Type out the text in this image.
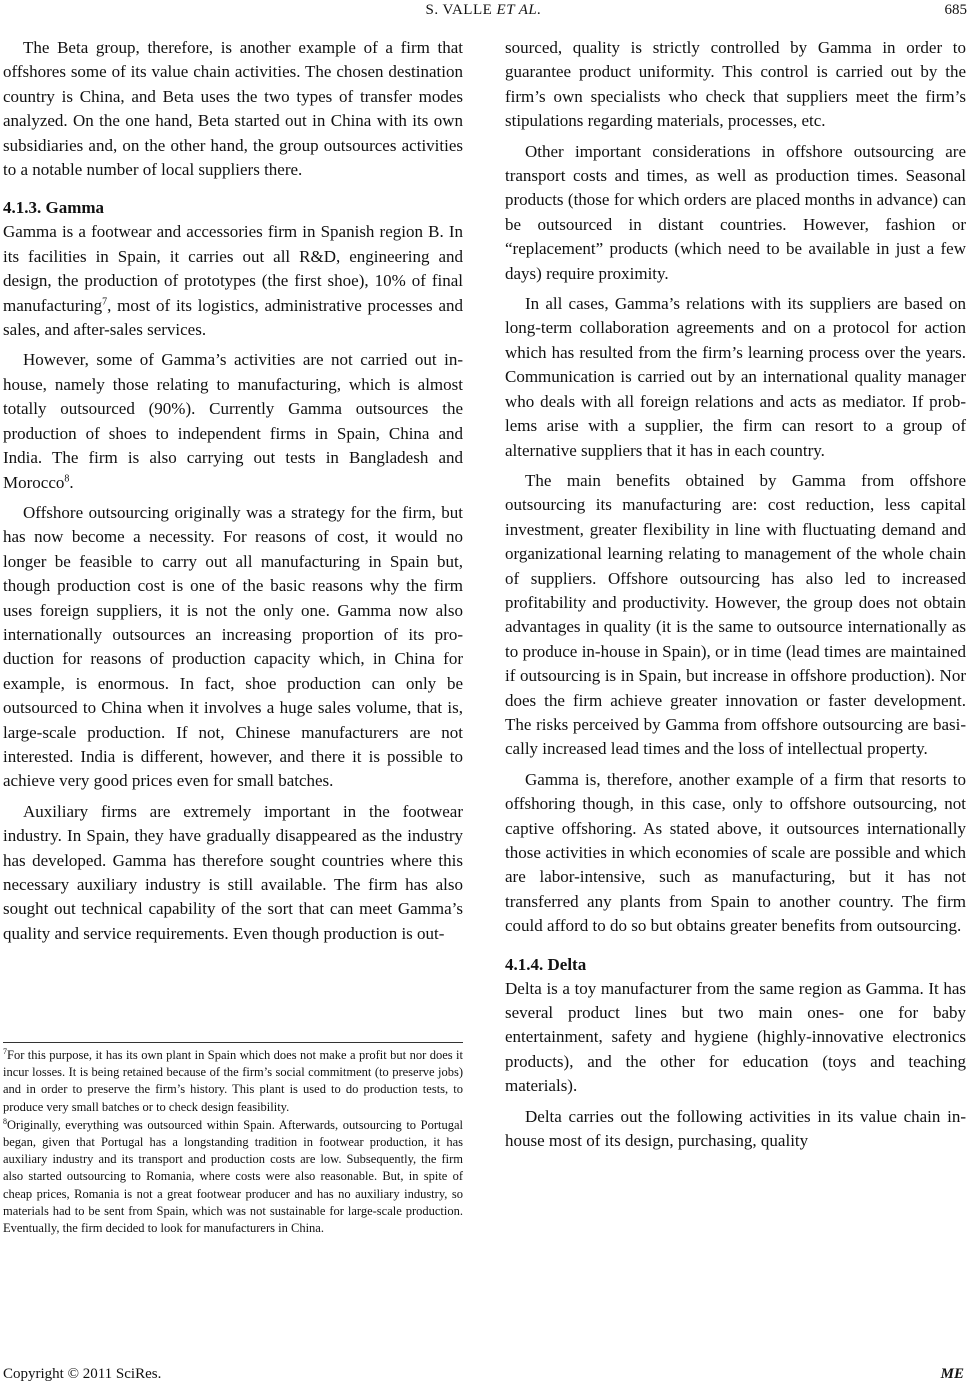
S. VALLE ET AL.	685

The Beta group, therefore, is another example of a firm that offshores some of its value chain activities. The chosen destination country is China, and Beta uses the two types of transfer modes analyzed. On the one hand, Beta started out in China with its own subsidiaries and, on the other hand, the group outsources activities to a notable number of local suppliers there.

4.1.3. Gamma

Gamma is a footwear and accessories firm in Spanish region B. In its facilities in Spain, it carries out all R&D, engineering and design, the production of prototypes (the first shoe), 10% of final manufacturing$^7$, most of its logistics, administrative processes and sales, and after-sales services.

However, some of Gamma’s activities are not carried out in-house, namely those relating to manufacturing, which is almost totally outsourced (90%). Currently Gamma outsources the production of shoes to independent firms in Spain, China and India. The firm is also carrying out tests in Bangladesh and Morocco$^8$.

Offshore outsourcing originally was a strategy for the firm, but has now become a necessity. For reasons of cost, it would no longer be feasible to carry out all manufacturing in Spain but, though production cost is one of the basic reasons why the firm uses foreign suppliers, it is not the only one. Gamma now also internationally outsources an increasing proportion of its production for reasons of production capacity which, in China for example, is enormous. In fact, shoe production can only be outsourced to China when it involves a huge sales volume, that is, large-scale production. If not, Chinese manufacturers are not interested. India is different, however, and there it is possible to achieve very good prices even for small batches.

Auxiliary firms are extremely important in the footwear industry. In Spain, they have gradually disappeared as the industry has developed. Gamma has therefore sought countries where this necessary auxiliary industry is still available. The firm has also sought out technical capability of the sort that can meet Gamma’s quality and service requirements. Even though production is out-

$^7$For this purpose, it has its own plant in Spain which does not make a profit but nor does it incur losses. It is being retained because of the firm’s social commitment (to preserve jobs) and in order to preserve the firm’s history. This plant is used to do production tests, to produce very small batches or to check design feasibility.

$^8$Originally, everything was outsourced within Spain. Afterwards, outsourcing to Portugal began, given that Portugal has a longstanding tradition in footwear production, it has auxiliary industry and its transport and production costs are low. Subsequently, the firm also started outsourcing to Romania, where costs were also reasonable. But, in spite of cheap prices, Romania is not a great footwear producer and has no auxiliary industry, so materials had to be sent from Spain, which was not sustainable for large-scale production. Eventually, the firm decided to look for manufacturers in China.

sourced, quality is strictly controlled by Gamma in order to guarantee product uniformity. This control is carried out by the firm’s own specialists who check that suppliers meet the firm’s stipulations regarding materials, processes, etc.

Other important considerations in offshore outsourcing are transport costs and times, as well as production times. Seasonal products (those for which orders are placed months in advance) can be outsourced in distant countries. However, fashion or “replacement” products (which need to be available in just a few days) require proximity.

In all cases, Gamma’s relations with its suppliers are based on long-term collaboration agreements and on a protocol for action which has resulted from the firm’s learning process over the years. Communication is carried out by an international quality manager who deals with all foreign relations and acts as mediator. If problems arise with a supplier, the firm can resort to a group of alternative suppliers that it has in each country.

The main benefits obtained by Gamma from offshore outsourcing its manufacturing are: cost reduction, less capital investment, greater flexibility in line with fluctuating demand and organizational learning relating to management of the whole chain of suppliers. Offshore outsourcing has also led to increased profitability and productivity. However, the group does not obtain advantages in quality (it is the same to outsource internationally as to produce in-house in Spain), or in time (lead times are maintained if outsourcing is in Spain, but increase in offshore production). Nor does the firm achieve greater innovation or faster development. The risks perceived by Gamma from offshore outsourcing are basically increased lead times and the loss of intellectual property.

Gamma is, therefore, another example of a firm that resorts to offshoring though, in this case, only to offshore outsourcing, not captive offshoring. As stated above, it outsources internationally those activities in which economies of scale are possible and which are labor-intensive, such as manufacturing, but it has not transferred any plants from Spain to another country. The firm could afford to do so but obtains greater benefits from outsourcing.

4.1.4. Delta

Delta is a toy manufacturer from the same region as Gamma. It has several product lines but two main ones- one for baby entertainment, safety and hygiene (highly-innovative electronics products), and the other for education (toys and teaching materials).

Delta carries out the following activities in its value chain in-house most of its design, purchasing, quality

Copyright © 2011 SciRes.	ME
